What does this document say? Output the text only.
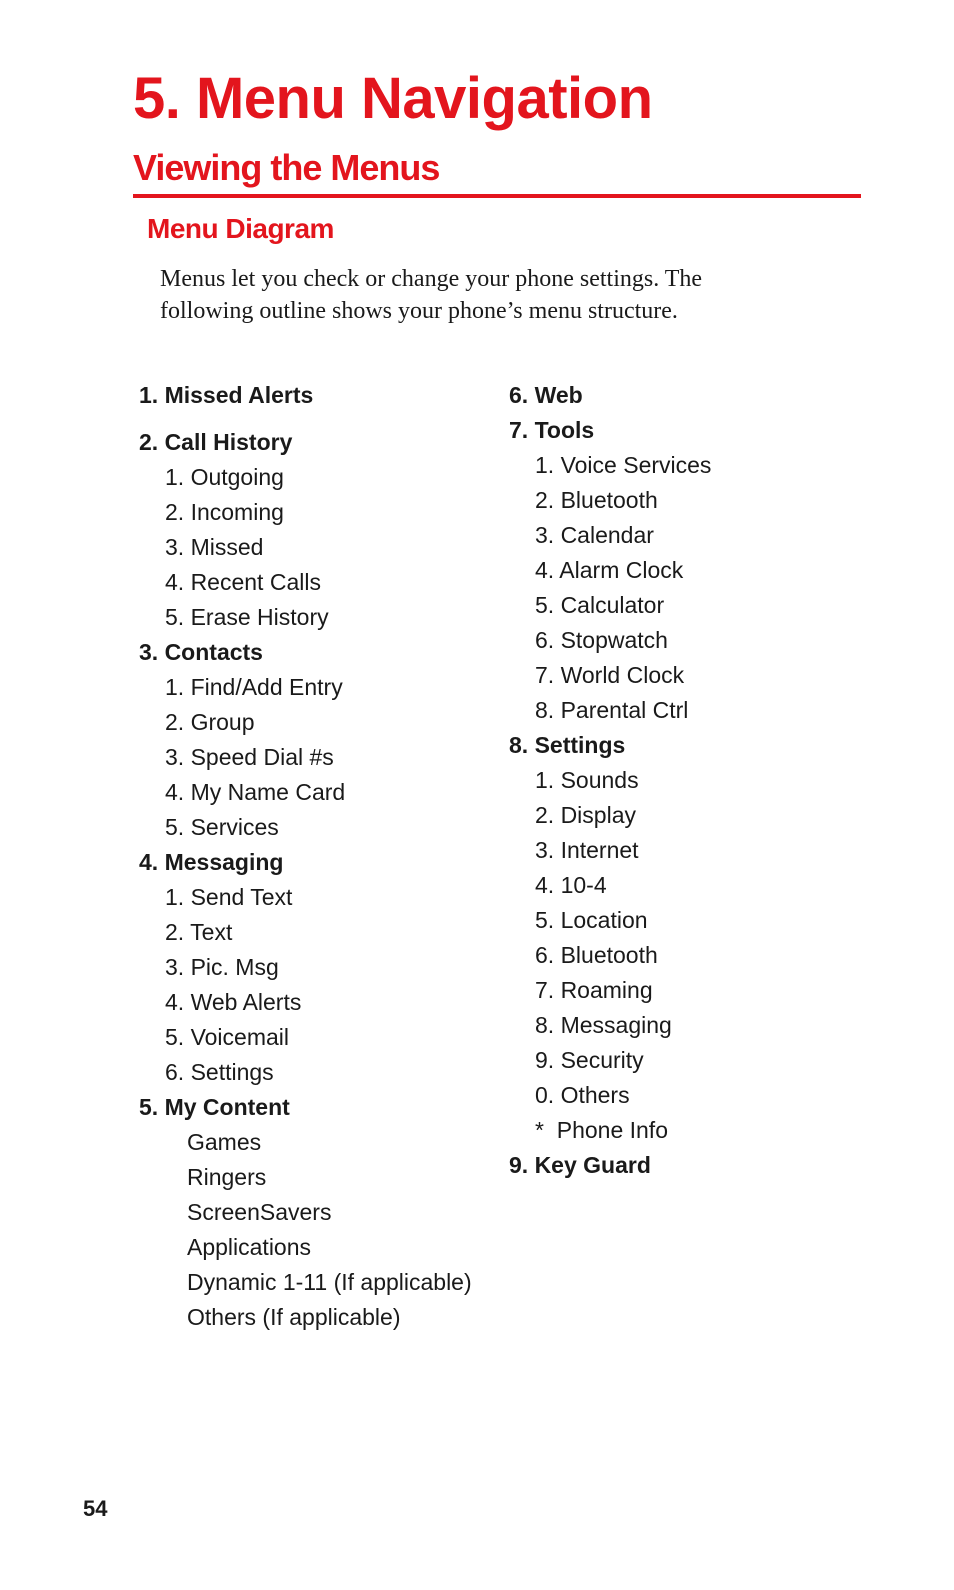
5. Menu Navigation
Viewing the Menus
Menu Diagram

Menus let you check or change your phone settings. The following outline shows your phone’s menu structure.

1. Missed Alerts
2. Call History
1. Outgoing
2. Incoming
3. Missed
4. Recent Calls
5. Erase History
3. Contacts
1. Find/Add Entry
2. Group
3. Speed Dial #s
4. My Name Card
5. Services
4. Messaging
1. Send Text
2. Text
3. Pic. Msg
4. Web Alerts
5. Voicemail
6. Settings
5. My Content
Games
Ringers
ScreenSavers
Applications
Dynamic 1-11 (If applicable)
Others (If applicable)
6. Web
7. Tools
1. Voice Services
2. Bluetooth
3. Calendar
4. Alarm Clock
5. Calculator
6. Stopwatch
7. World Clock
8. Parental Ctrl
8. Settings
1. Sounds
2. Display
3. Internet
4. 10-4
5. Location
6. Bluetooth
7. Roaming
8. Messaging
9. Security
0. Others
*  Phone Info
9. Key Guard
54
